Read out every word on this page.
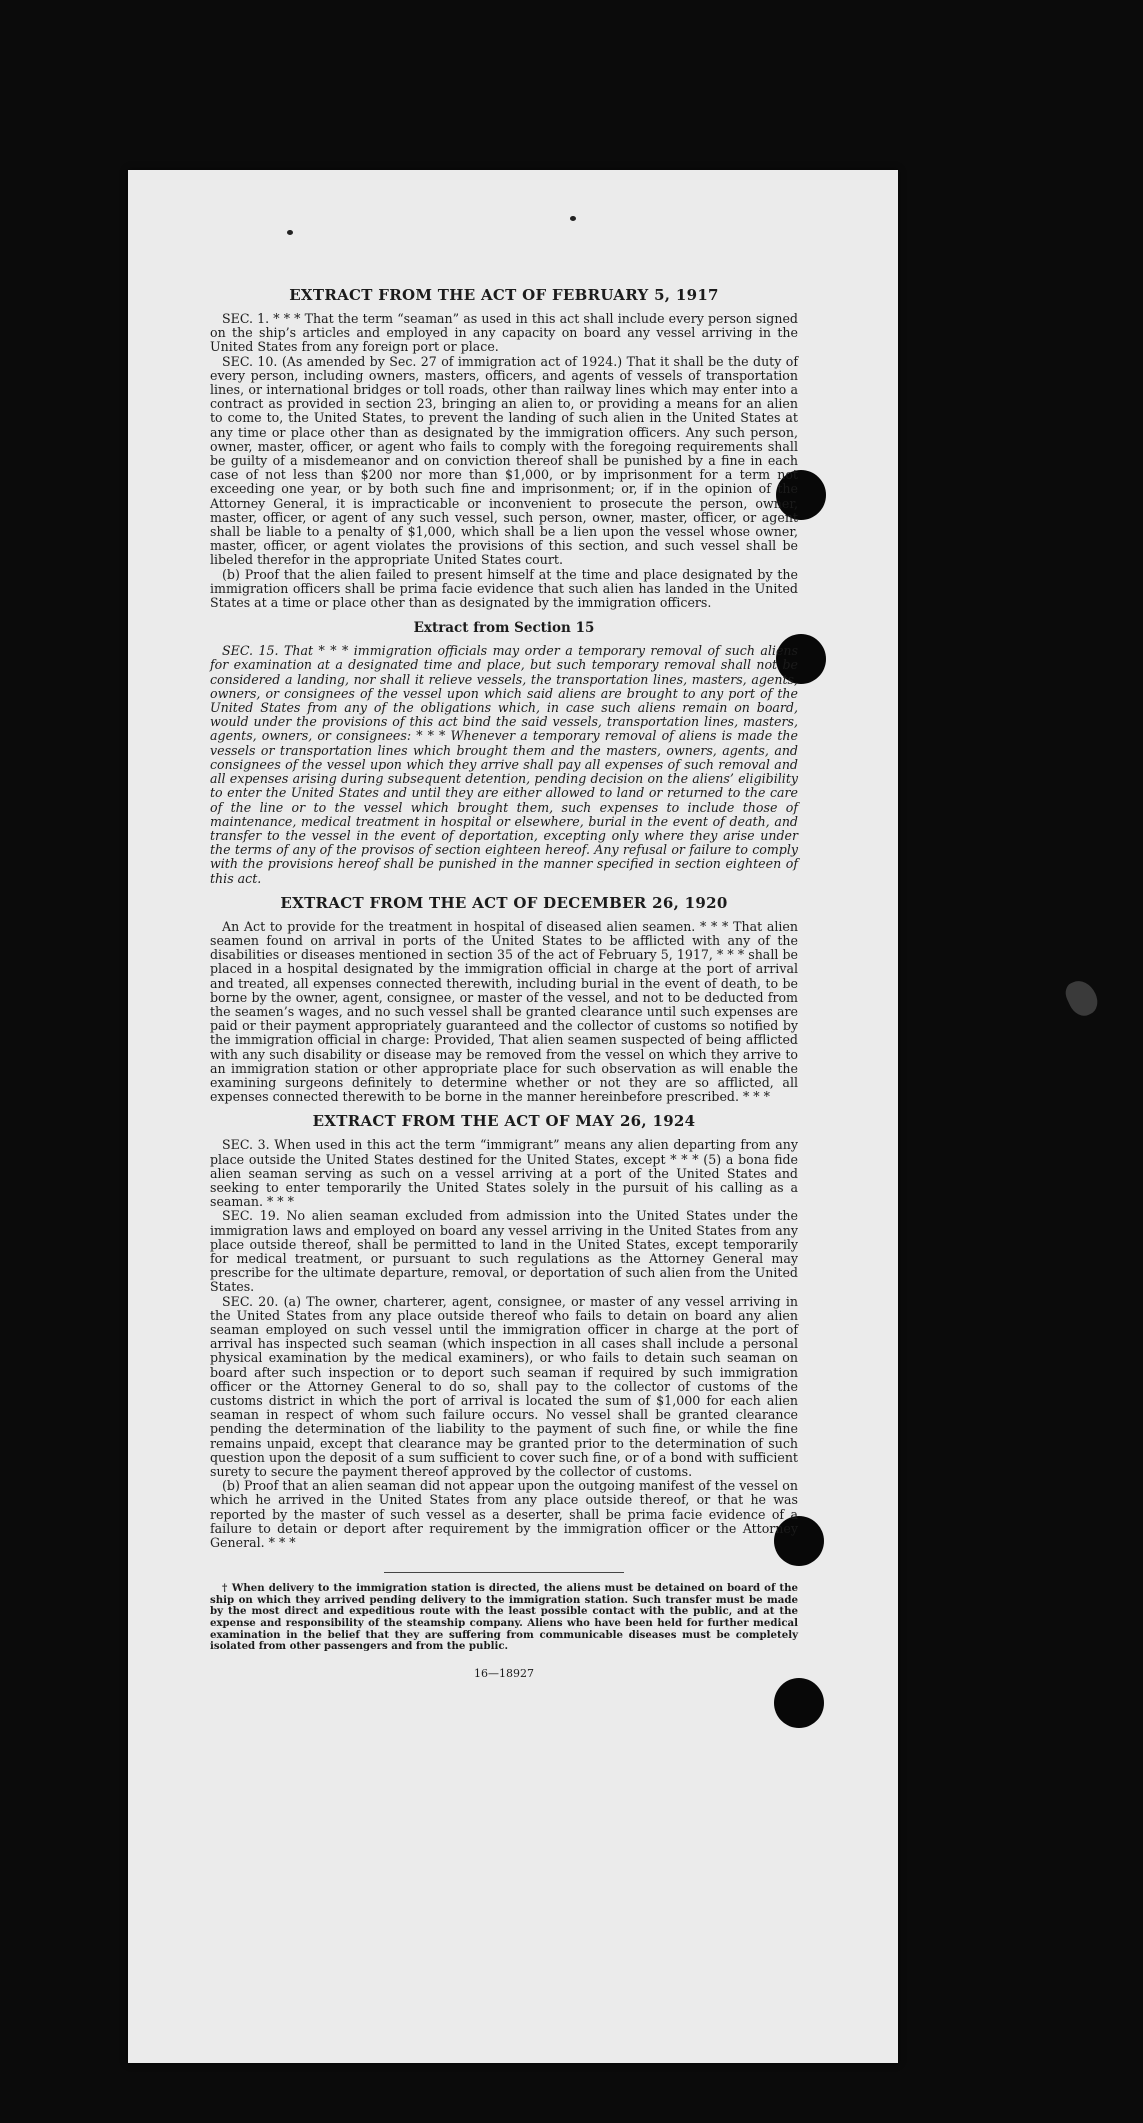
EXTRACT FROM THE ACT OF FEBRUARY 5, 1917

SEC. 1. * * * That the term “seaman” as used in this act shall include every person signed on the ship’s articles and employed in any capacity on board any vessel arriving in the United States from any foreign port or place.

SEC. 10. (As amended by Sec. 27 of immigration act of 1924.) That it shall be the duty of every person, including owners, masters, officers, and agents of vessels of transportation lines, or international bridges or toll roads, other than railway lines which may enter into a contract as provided in section 23, bringing an alien to, or providing a means for an alien to come to, the United States, to prevent the landing of such alien in the United States at any time or place other than as designated by the immigration officers. Any such person, owner, master, officer, or agent who fails to comply with the foregoing requirements shall be guilty of a misdemeanor and on conviction thereof shall be punished by a fine in each case of not less than $200 nor more than $1,000, or by imprisonment for a term not exceeding one year, or by both such fine and imprisonment; or, if in the opinion of the Attorney General, it is impracticable or inconvenient to prosecute the person, owner, master, officer, or agent of any such vessel, such person, owner, master, officer, or agent shall be liable to a penalty of $1,000, which shall be a lien upon the vessel whose owner, master, officer, or agent violates the provisions of this section, and such vessel shall be libeled therefor in the appropriate United States court.

(b) Proof that the alien failed to present himself at the time and place designated by the immigration officers shall be prima facie evidence that such alien has landed in the United States at a time or place other than as designated by the immigration officers.

Extract from Section 15

SEC. 15. That * * * immigration officials may order a temporary removal of such aliens for examination at a designated time and place, but such temporary removal shall not be considered a landing, nor shall it relieve vessels, the transportation lines, masters, agents, owners, or consignees of the vessel upon which said aliens are brought to any port of the United States from any of the obligations which, in case such aliens remain on board, would under the provisions of this act bind the said vessels, transportation lines, masters, agents, owners, or consignees: * * * Whenever a temporary removal of aliens is made the vessels or transportation lines which brought them and the masters, owners, agents, and consignees of the vessel upon which they arrive shall pay all expenses of such removal and all expenses arising during subsequent detention, pending decision on the aliens’ eligibility to enter the United States and until they are either allowed to land or returned to the care of the line or to the vessel which brought them, such expenses to include those of maintenance, medical treatment in hospital or elsewhere, burial in the event of death, and transfer to the vessel in the event of deportation, excepting only where they arise under the terms of any of the provisos of section eighteen hereof. Any refusal or failure to comply with the provisions hereof shall be punished in the manner specified in section eighteen of this act.

EXTRACT FROM THE ACT OF DECEMBER 26, 1920

An Act to provide for the treatment in hospital of diseased alien seamen. * * * That alien seamen found on arrival in ports of the United States to be afflicted with any of the disabilities or diseases mentioned in section 35 of the act of February 5, 1917, * * * shall be placed in a hospital designated by the immigration official in charge at the port of arrival and treated, all expenses connected therewith, including burial in the event of death, to be borne by the owner, agent, consignee, or master of the vessel, and not to be deducted from the seamen’s wages, and no such vessel shall be granted clearance until such expenses are paid or their payment appropriately guaranteed and the collector of customs so notified by the immigration official in charge: Provided, That alien seamen suspected of being afflicted with any such disability or disease may be removed from the vessel on which they arrive to an immigration station or other appropriate place for such observation as will enable the examining surgeons definitely to determine whether or not they are so afflicted, all expenses connected therewith to be borne in the manner hereinbefore prescribed. * * *

EXTRACT FROM THE ACT OF MAY 26, 1924

SEC. 3. When used in this act the term “immigrant” means any alien departing from any place outside the United States destined for the United States, except * * * (5) a bona fide alien seaman serving as such on a vessel arriving at a port of the United States and seeking to enter temporarily the United States solely in the pursuit of his calling as a seaman. * * *

SEC. 19. No alien seaman excluded from admission into the United States under the immigration laws and employed on board any vessel arriving in the United States from any place outside thereof, shall be permitted to land in the United States, except temporarily for medical treatment, or pursuant to such regulations as the Attorney General may prescribe for the ultimate departure, removal, or deportation of such alien from the United States.

SEC. 20. (a) The owner, charterer, agent, consignee, or master of any vessel arriving in the United States from any place outside thereof who fails to detain on board any alien seaman employed on such vessel until the immigration officer in charge at the port of arrival has inspected such seaman (which inspection in all cases shall include a personal physical examination by the medical examiners), or who fails to detain such seaman on board after such inspection or to deport such seaman if required by such immigration officer or the Attorney General to do so, shall pay to the collector of customs of the customs district in which the port of arrival is located the sum of $1,000 for each alien seaman in respect of whom such failure occurs. No vessel shall be granted clearance pending the determination of the liability to the payment of such fine, or while the fine remains unpaid, except that clearance may be granted prior to the determination of such question upon the deposit of a sum sufficient to cover such fine, or of a bond with sufficient surety to secure the payment thereof approved by the collector of customs.

(b) Proof that an alien seaman did not appear upon the outgoing manifest of the vessel on which he arrived in the United States from any place outside thereof, or that he was reported by the master of such vessel as a deserter, shall be prima facie evidence of a failure to detain or deport after requirement by the immigration officer or the Attorney General. * * *

† When delivery to the immigration station is directed, the aliens must be detained on board of the ship on which they arrived pending delivery to the immigration station. Such transfer must be made by the most direct and expeditious route with the least possible contact with the public, and at the expense and responsibility of the steamship company. Aliens who have been held for further medical examination in the belief that they are suffering from communicable diseases must be completely isolated from other passengers and from the public.

16—18927
